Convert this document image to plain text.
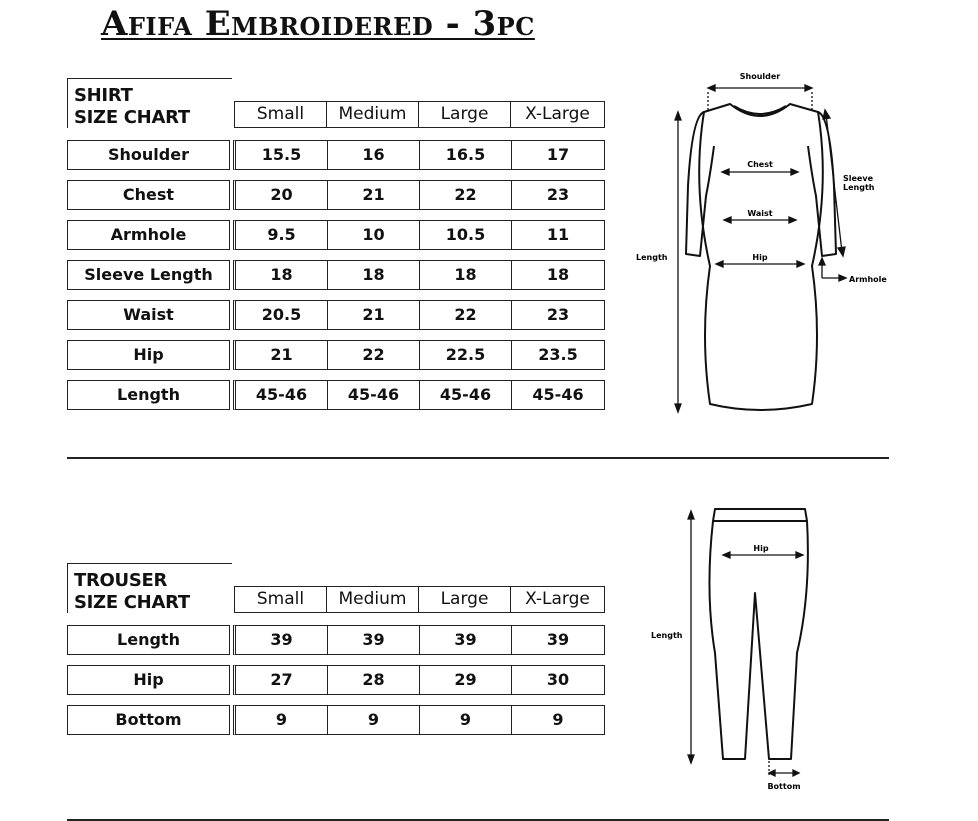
Afifa Embroidered - 3pc
SHIRT
SIZE CHART	Small	Medium	Large	X-Large
Shoulder	15.5	16	16.5	17
Chest	20	21	22	23
Armhole	9.5	10	10.5	11
Sleeve Length	18	18	18	18
Waist	20.5	21	22	23
Hip	21	22	22.5	23.5
Length	45-46	45-46	45-46	45-46
Shoulder
Chest
Waist
Hip
Length
Sleeve
Length
Armhole
TROUSER
SIZE CHART	Small	Medium	Large	X-Large
Length	39	39	39	39
Hip	27	28	29	30
Bottom	9	9	9	9
Hip
Length
Bottom
